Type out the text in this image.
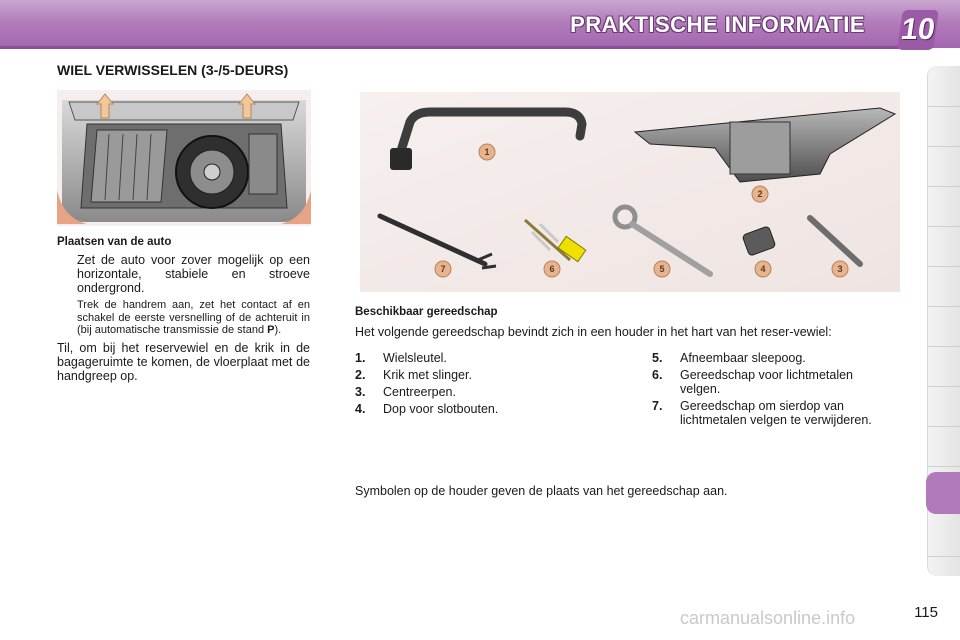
PRAKTISCHE INFORMATIE 10
WIEL VERWISSELEN (3-/5-DEURS)
Plaatsen van de auto
Zet de auto voor zover mogelijk op een horizontale, stabiele en stroeve ondergrond.
Trek de handrem aan, zet het contact af en schakel de eerste versnelling of de achteruit in (bij automatische transmissie de stand P).
Til, om bij het reservewiel en de krik in de bagageruimte te komen, de vloerplaat met de handgreep op.
1
2
3
4
5
6
7
Beschikbaar gereedschap
Het volgende gereedschap bevindt zich in een houder in het hart van het reser-vewiel:
1. Wielsleutel.
2. Krik met slinger.
3. Centreerpen.
4. Dop voor slotbouten.
5. Afneembaar sleepoog.
6. Gereedschap voor lichtmetalen velgen.
7. Gereedschap om sierdop van lichtmetalen velgen te verwijderen.
Symbolen op de houder geven de plaats van het gereedschap aan.
115
carmanualsonline.info
